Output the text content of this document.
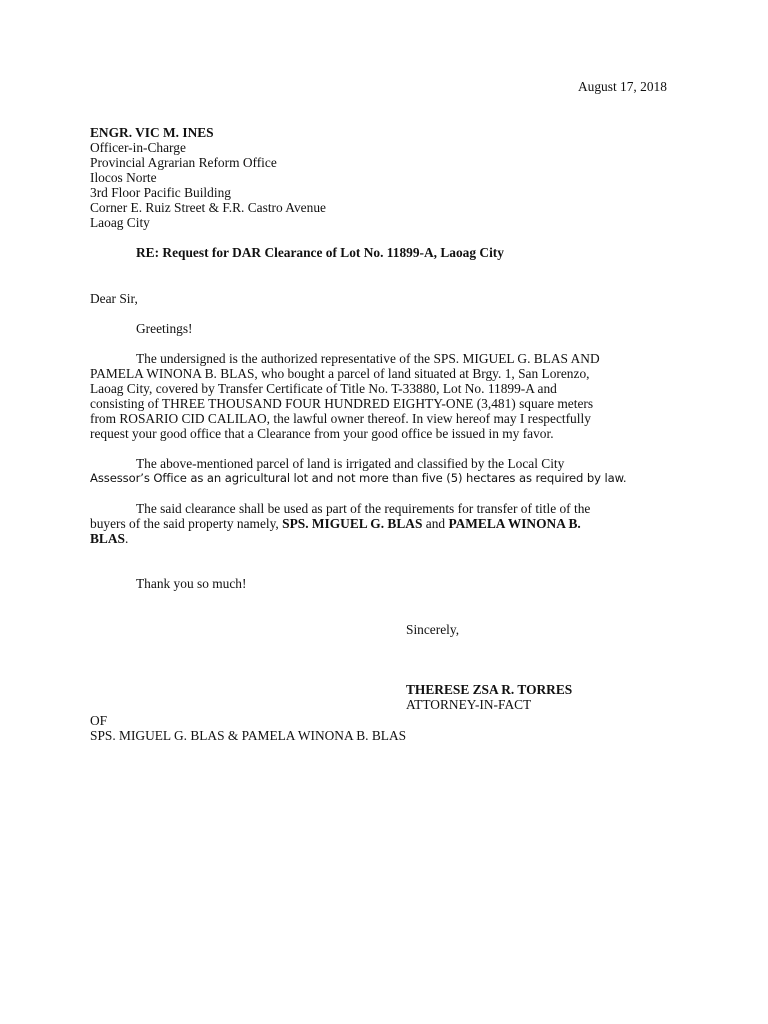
August 17, 2018
ENGR. VIC M. INES
Officer-in-Charge
Provincial Agrarian Reform Office
Ilocos Norte
3rd Floor Pacific Building
Corner E. Ruiz Street & F.R. Castro Avenue
Laoag City
RE: Request for DAR Clearance of Lot No. 11899-A, Laoag City
Dear Sir,
Greetings!
The undersigned is the authorized representative of the SPS. MIGUEL G. BLAS AND
PAMELA WINONA B. BLAS, who bought a parcel of land situated at Brgy. 1, San Lorenzo,
Laoag City, covered by Transfer Certificate of Title No. T-33880, Lot No. 11899-A and
consisting of THREE THOUSAND FOUR HUNDRED EIGHTY-ONE (3,481) square meters
from ROSARIO CID CALILAO, the lawful owner thereof. In view hereof may I respectfully
request your good office that a Clearance from your good office be issued in my favor.
The above-mentioned parcel of land is irrigated and classified by the Local City
Assessor’s Office as an agricultural lot and not more than five (5) hectares as required by law.
The said clearance shall be used as part of the requirements for transfer of title of the
buyers of the said property namely, SPS. MIGUEL G. BLAS and PAMELA WINONA B.
BLAS.
Thank you so much!
Sincerely,
THERESE ZSA R. TORRES
ATTORNEY-IN-FACT
OF
SPS. MIGUEL G. BLAS & PAMELA WINONA B. BLAS
